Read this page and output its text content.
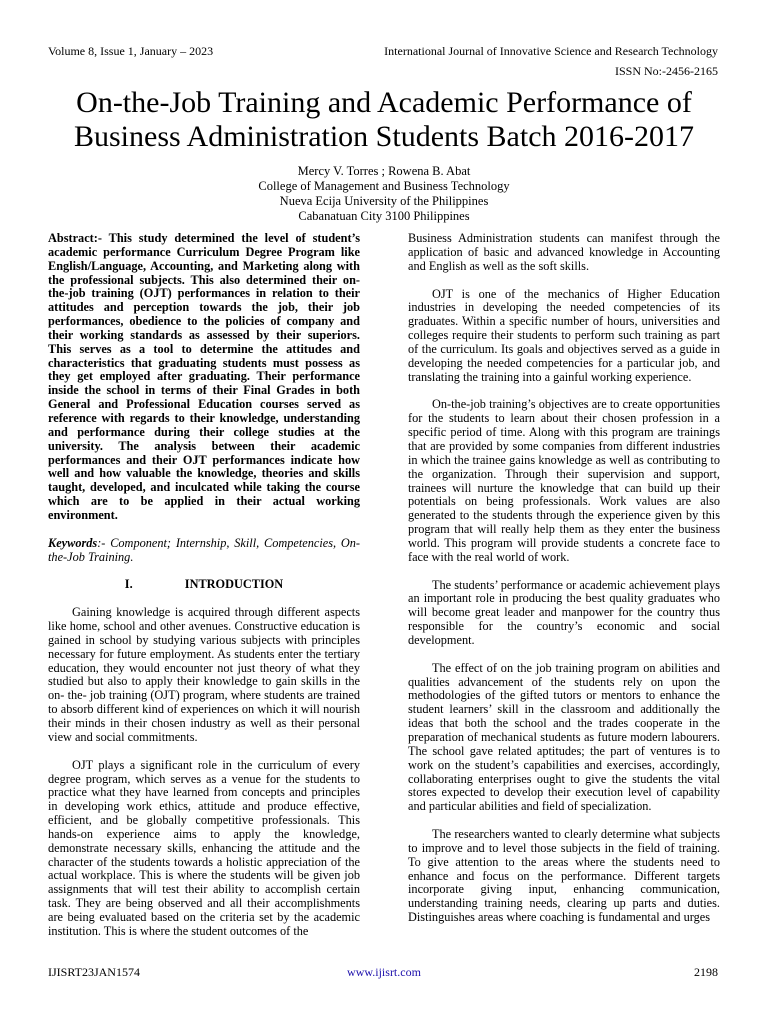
Volume 8, Issue 1, January – 2023	International Journal of Innovative Science and Research Technology
ISSN No:-2456-2165
On-the-Job Training and Academic Performance of
Business Administration Students Batch 2016-2017
Mercy V. Torres ; Rowena B. Abat
College of Management and Business Technology
Nueva Ecija University of the Philippines
Cabanatuan City 3100 Philippines

Abstract:- This study determined the level of student’s academic performance Curriculum Degree Program like English/Language, Accounting, and Marketing along with the professional subjects. This also determined their on-the-job training (OJT) performances in relation to their attitudes and perception towards the job, their job performances, obedience to the policies of company and their working standards as assessed by their superiors. This serves as a tool to determine the attitudes and characteristics that graduating students must possess as they get employed after graduating. Their performance inside the school in terms of their Final Grades in both General and Professional Education courses served as reference with regards to their knowledge, understanding and performance during their college studies at the university. The analysis between their academic performances and their OJT performances indicate how well and how valuable the knowledge, theories and skills taught, developed, and inculcated while taking the course which are to be applied in their actual working environment.

Keywords:- Component; Internship, Skill, Competencies, On-the-Job Training.

I.	INTRODUCTION

Gaining knowledge is acquired through different aspects like home, school and other avenues. Constructive education is gained in school by studying various subjects with principles necessary for future employment. As students enter the tertiary education, they would encounter not just theory of what they studied but also to apply their knowledge to gain skills in the on- the- job training (OJT) program, where students are trained to absorb different kind of experiences on which it will nourish their minds in their chosen industry as well as their personal view and social commitments.

OJT plays a significant role in the curriculum of every degree program, which serves as a venue for the students to practice what they have learned from concepts and principles in developing work ethics, attitude and produce effective, efficient, and be globally competitive professionals. This hands-on experience aims to apply the knowledge, demonstrate necessary skills, enhancing the attitude and the character of the students towards a holistic appreciation of the actual workplace. This is where the students will be given job assignments that will test their ability to accomplish certain task. They are being observed and all their accomplishments are being evaluated based on the criteria set by the academic institution. This is where the student outcomes of the

Business Administration students can manifest through the application of basic and advanced knowledge in Accounting and English as well as the soft skills.

OJT is one of the mechanics of Higher Education industries in developing the needed competencies of its graduates. Within a specific number of hours, universities and colleges require their students to perform such training as part of the curriculum. Its goals and objectives served as a guide in developing the needed competencies for a particular job, and translating the training into a gainful working experience.

On-the-job training’s objectives are to create opportunities for the students to learn about their chosen profession in a specific period of time. Along with this program are trainings that are provided by some companies from different industries in which the trainee gains knowledge as well as contributing to the organization. Through their supervision and support, trainees will nurture the knowledge that can build up their potentials on being professionals. Work values are also generated to the students through the experience given by this program that will really help them as they enter the business world. This program will provide students a concrete face to face with the real world of work.

The students’ performance or academic achievement plays an important role in producing the best quality graduates who will become great leader and manpower for the country thus responsible for the country’s economic and social development.

The effect of on the job training program on abilities and qualities advancement of the students rely on upon the methodologies of the gifted tutors or mentors to enhance the student learners’ skill in the classroom and additionally the ideas that both the school and the trades cooperate in the preparation of mechanical students as future modern labourers. The school gave related aptitudes; the part of ventures is to work on the student’s capabilities and exercises, accordingly, collaborating enterprises ought to give the students the vital stores expected to develop their execution level of capability and particular abilities and field of specialization.

The researchers wanted to clearly determine what subjects to improve and to level those subjects in the field of training. To give attention to the areas where the students need to enhance and focus on the performance. Different targets incorporate giving input, enhancing communication, understanding training needs, clearing up parts and duties. Distinguishes areas where coaching is fundamental and urges

IJISRT23JAN1574	www.ijisrt.com	2198
